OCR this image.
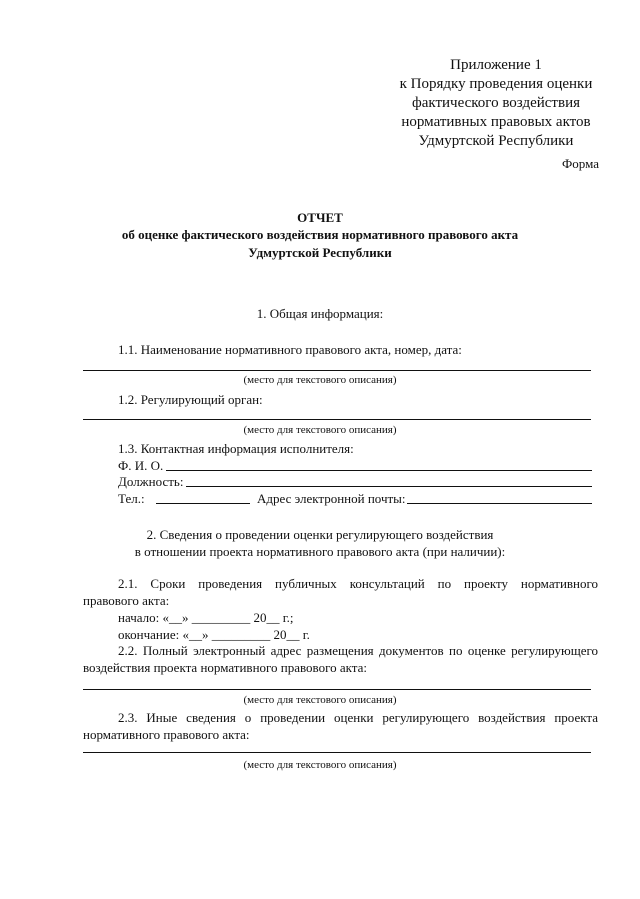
Приложение 1
к Порядку проведения оценки
фактического воздействия
нормативных правовых актов
Удмуртской Республики
Форма
ОТЧЕТ
об оценке фактического воздействия нормативного правового акта
Удмуртской Республики
1. Общая информация:
1.1. Наименование нормативного правового акта, номер, дата:
(место для текстового описания)
1.2. Регулирующий орган:
(место для текстового описания)
1.3. Контактная информация исполнителя:
Ф. И. О.
Должность:
Тел.:	Адрес электронной почты:
2. Сведения о проведении оценки регулирующего воздействия
в отношении проекта нормативного правового акта (при наличии):
2.1. Сроки проведения публичных консультаций по проекту нормативного
правового акта:
начало: «__» _________ 20__ г.;
окончание: «__» _________ 20__ г.
2.2. Полный электронный адрес размещения документов по оценке регулирующего
воздействия проекта нормативного правового акта:
(место для текстового описания)
2.3. Иные сведения о проведении оценки регулирующего воздействия проекта
нормативного правового акта:
(место для текстового описания)
